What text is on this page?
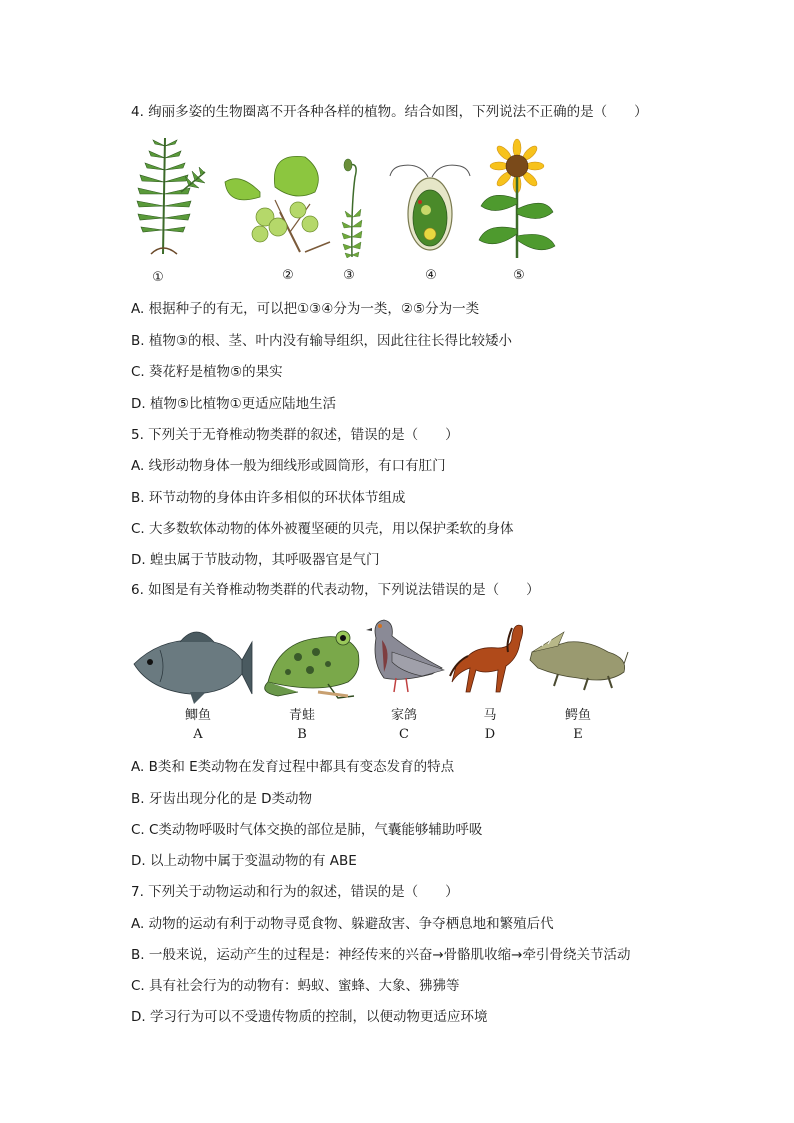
4. 绚丽多姿的生物圈离不开各种各样的植物。结合如图，下列说法不正确的是（　　）
①	②	③	④	⑤
A. 根据种子的有无，可以把①③④分为一类，②⑤分为一类
B. 植物③的根、茎、叶内没有输导组织，因此往往长得比较矮小
C. 葵花籽是植物⑤的果实
D. 植物⑤比植物①更适应陆地生活
5. 下列关于无脊椎动物类群的叙述，错误的是（　　）
A. 线形动物身体一般为细线形或圆筒形，有口有肛门
B. 环节动物的身体由许多相似的环状体节组成
C. 大多数软体动物的体外被覆坚硬的贝壳，用以保护柔软的身体
D. 蝗虫属于节肢动物，其呼吸器官是气门
6. 如图是有关脊椎动物类群的代表动物，下列说法错误的是（　　）
鲫鱼
A
青蛙
B
家鸽
C
马
D
鳄鱼
E
A. B类和 E类动物在发育过程中都具有变态发育的特点
B. 牙齿出现分化的是 D类动物
C. C类动物呼吸时气体交换的部位是肺，气囊能够辅助呼吸
D. 以上动物中属于变温动物的有 ABE
7. 下列关于动物运动和行为的叙述，错误的是（　　）
A. 动物的运动有利于动物寻觅食物、躲避敌害、争夺栖息地和繁殖后代
B. 一般来说，运动产生的过程是：神经传来的兴奋→骨骼肌收缩→牵引骨绕关节活动
C. 具有社会行为的动物有：蚂蚁、蜜蜂、大象、狒狒等
D. 学习行为可以不受遗传物质的控制，以便动物更适应环境
